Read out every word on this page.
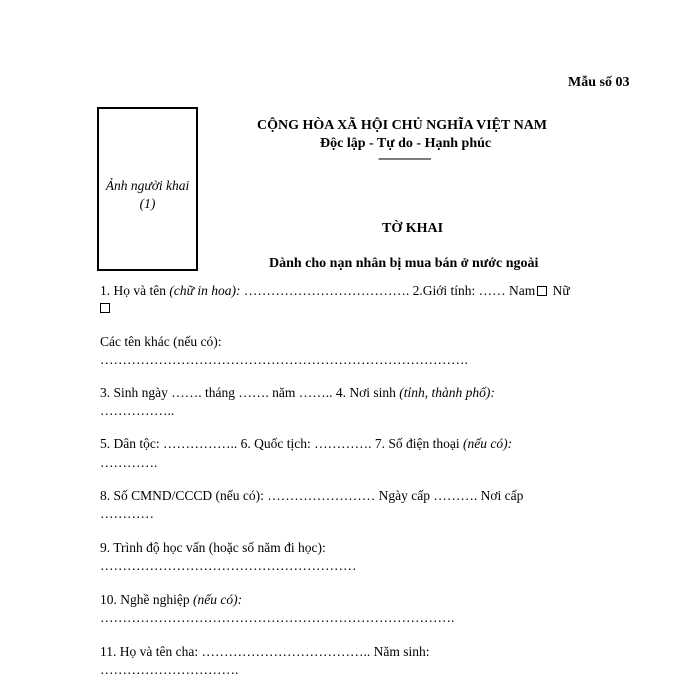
Mẫu số 03
Ảnh người khai
(1)
CỘNG HÒA XÃ HỘI CHỦ NGHĨA VIỆT NAM
Độc lập - Tự do - Hạnh phúc
---------------
TỜ KHAI
Dành cho nạn nhân bị mua bán ở nước ngoài
1. Họ và tên (chữ in hoa): ………………………………. 2.Giới tính: …… Nam Nữ
Các tên khác (nếu có):
……………………………………………………………………….
3. Sinh ngày ……. tháng ……. năm …….. 4. Nơi sinh (tỉnh, thành phố):
……………..
5. Dân tộc: …………….. 6. Quốc tịch: …………. 7. Số điện thoại (nếu có):
………….
8. Số CMND/CCCD (nếu có): …………………… Ngày cấp ………. Nơi cấp
…………
9. Trình độ học vấn (hoặc số năm đi học):
…………………………………………………
10. Nghề nghiệp (nếu có):
…………………………………………………………………….
11. Họ và tên cha: ……………………………….. Năm sinh:
………………………….
